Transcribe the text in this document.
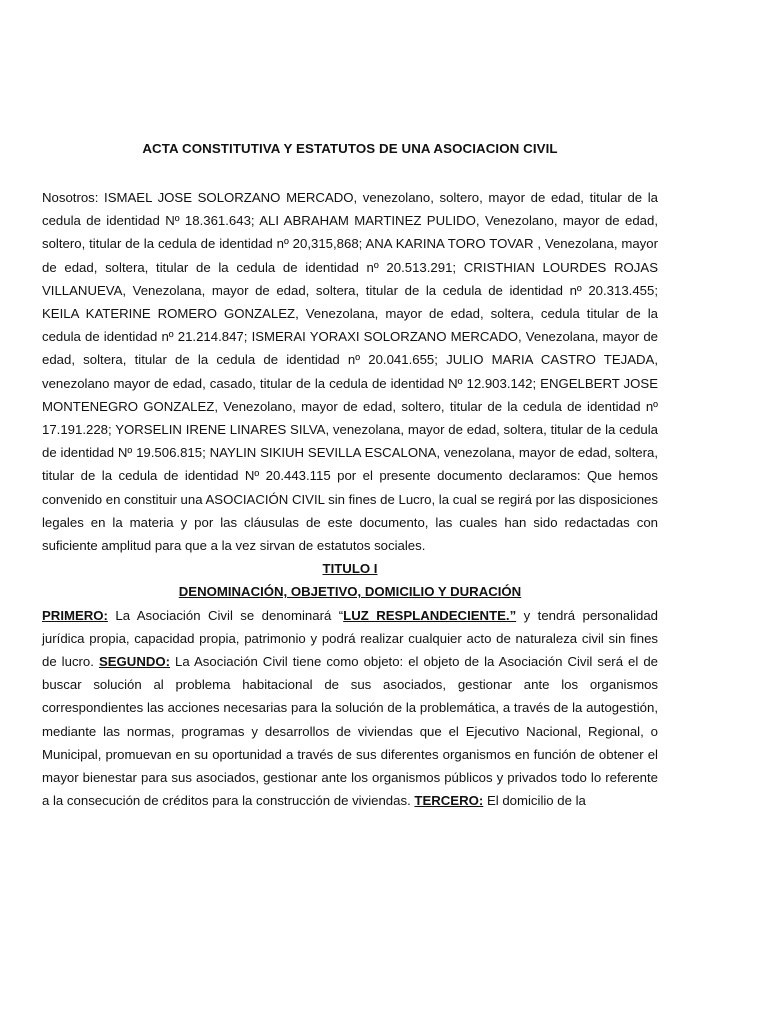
ACTA CONSTITUTIVA Y ESTATUTOS DE UNA ASOCIACION CIVIL

Nosotros: ISMAEL JOSE SOLORZANO MERCADO, venezolano, soltero, mayor de edad, titular de la cedula de identidad Nº 18.361.643; ALI ABRAHAM MARTINEZ PULIDO, Venezolano, mayor de edad, soltero, titular de la cedula de identidad nº 20,315,868; ANA KARINA TORO TOVAR , Venezolana, mayor de edad, soltera, titular de la cedula de identidad nº 20.513.291; CRISTHIAN LOURDES ROJAS VILLANUEVA, Venezolana, mayor de edad, soltera, titular de la cedula de identidad nº 20.313.455; KEILA KATERINE ROMERO GONZALEZ, Venezolana, mayor de edad, soltera, cedula titular de la cedula de identidad nº 21.214.847; ISMERAI YORAXI SOLORZANO MERCADO, Venezolana, mayor de edad, soltera, titular de la cedula de identidad nº 20.041.655; JULIO MARIA CASTRO TEJADA, venezolano mayor de edad, casado, titular de la cedula de identidad Nº 12.903.142; ENGELBERT JOSE MONTENEGRO GONZALEZ, Venezolano, mayor de edad, soltero, titular de la cedula de identidad nº 17.191.228; YORSELIN IRENE LINARES SILVA, venezolana, mayor de edad, soltera, titular de la cedula de identidad Nº 19.506.815; NAYLIN SIKIUH SEVILLA ESCALONA, venezolana, mayor de edad, soltera, titular de la cedula de identidad Nº 20.443.115 por el presente documento declaramos: Que hemos convenido en constituir una ASOCIACIÓN CIVIL sin fines de Lucro, la cual se regirá por las disposiciones legales en la materia y por las cláusulas de este documento, las cuales han sido redactadas con suficiente amplitud para que a la vez sirvan de estatutos sociales.

TITULO I

DENOMINACIÓN, OBJETIVO, DOMICILIO Y DURACIÓN

PRIMERO: La Asociación Civil se denominará “LUZ RESPLANDECIENTE.” y tendrá personalidad jurídica propia, capacidad propia, patrimonio y podrá realizar cualquier acto de naturaleza civil sin fines de lucro. SEGUNDO: La Asociación Civil tiene como objeto: el objeto de la Asociación Civil será el de buscar solución al problema habitacional de sus asociados, gestionar ante los organismos correspondientes las acciones necesarias para la solución de la problemática, a través de la autogestión, mediante las normas, programas y desarrollos de viviendas que el Ejecutivo Nacional, Regional, o Municipal, promuevan en su oportunidad a través de sus diferentes organismos en función de obtener el mayor bienestar para sus asociados, gestionar ante los organismos públicos y privados todo lo referente a la consecución de créditos para la construcción de viviendas. TERCERO: El domicilio de la
